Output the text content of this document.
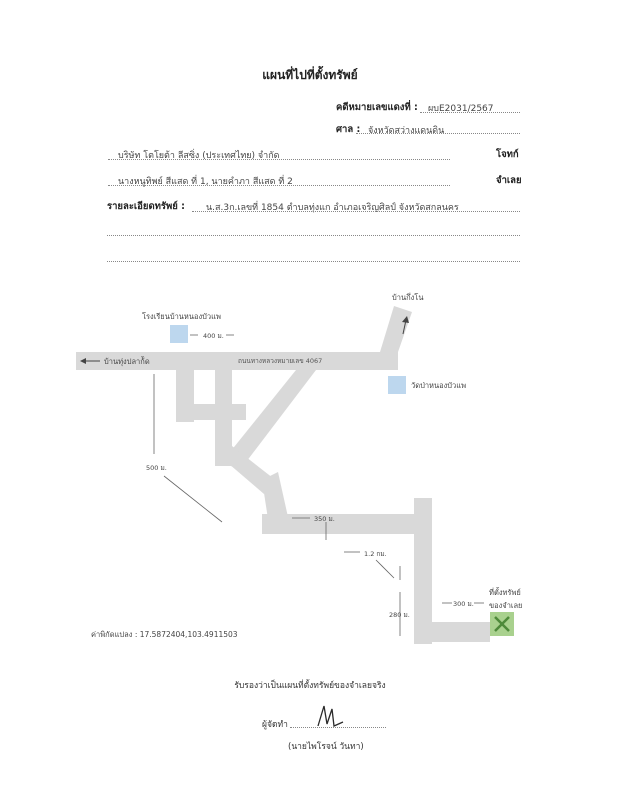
แผนที่ไปที่ตั้งทรัพย์
คดีหมายเลขแดงที่ : ผบE2031/2567
ศาล : จังหวัดสว่างแดนดิน
บริษัท โตโยต้า ลีสซิ่ง (ประเทศไทย) จำกัด	โจทก์
นางหนูทิพย์ สีแสด ที่ 1, นายคำภา สีแสด ที่ 2	จำเลย
รายละเอียดทรัพย์ : น.ส.3ก.เลขที่ 1854 ตำบลทุ่งแก อำเภอเจริญศิลป์ จังหวัดสกลนคร
โรงเรียนบ้านหนองบัวแพ
400 ม.
บ้านกึ่งโน
บ้านทุ่งปลาก้ัด	ถนนทางหลวงหมายเลข 4067
วัดป่าหนองบัวแพ
500 ม.
350 ม.
1.2 กม.
280 ม.
300 ม.
ที่ตั้งทรัพย์
ของจำเลย
ค่าพิกัดแปลง : 17.5872404,103.4911503
รับรองว่าเป็นแผนที่ตั้งทรัพย์ของจำเลยจริง
ผู้จัดทำ
(นายไพโรจน์ วันทา)
